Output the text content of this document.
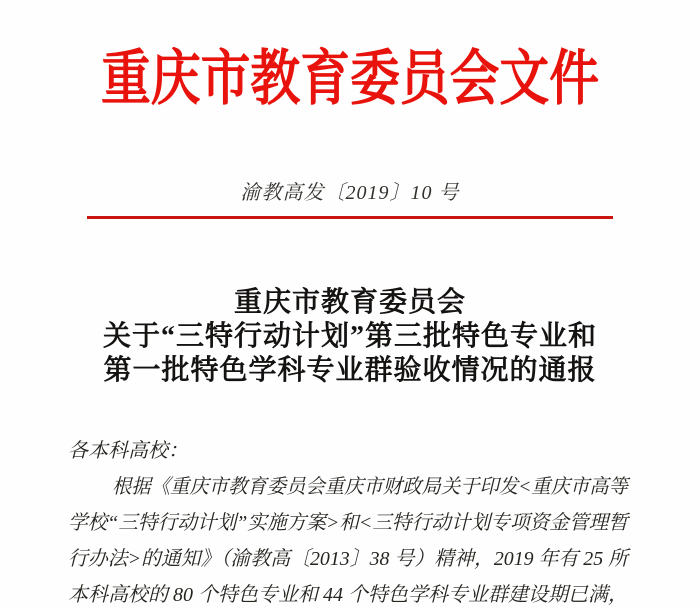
重庆市教育委员会文件
渝教高发〔2019〕10 号
重庆市教育委员会
关于“三特行动计划”第三批特色专业和
第一批特色学科专业群验收情况的通报
各本科高校：
根据《重庆市教育委员会重庆市财政局关于印发<重庆市高等
学校“三特行动计划”实施方案>和<三特行动计划专项资金管理暂
行办法>的通知》（渝教高〔2013〕38 号）精神，2019 年有 25 所
本科高校的 80 个特色专业和 44 个特色学科专业群建设期已满，
